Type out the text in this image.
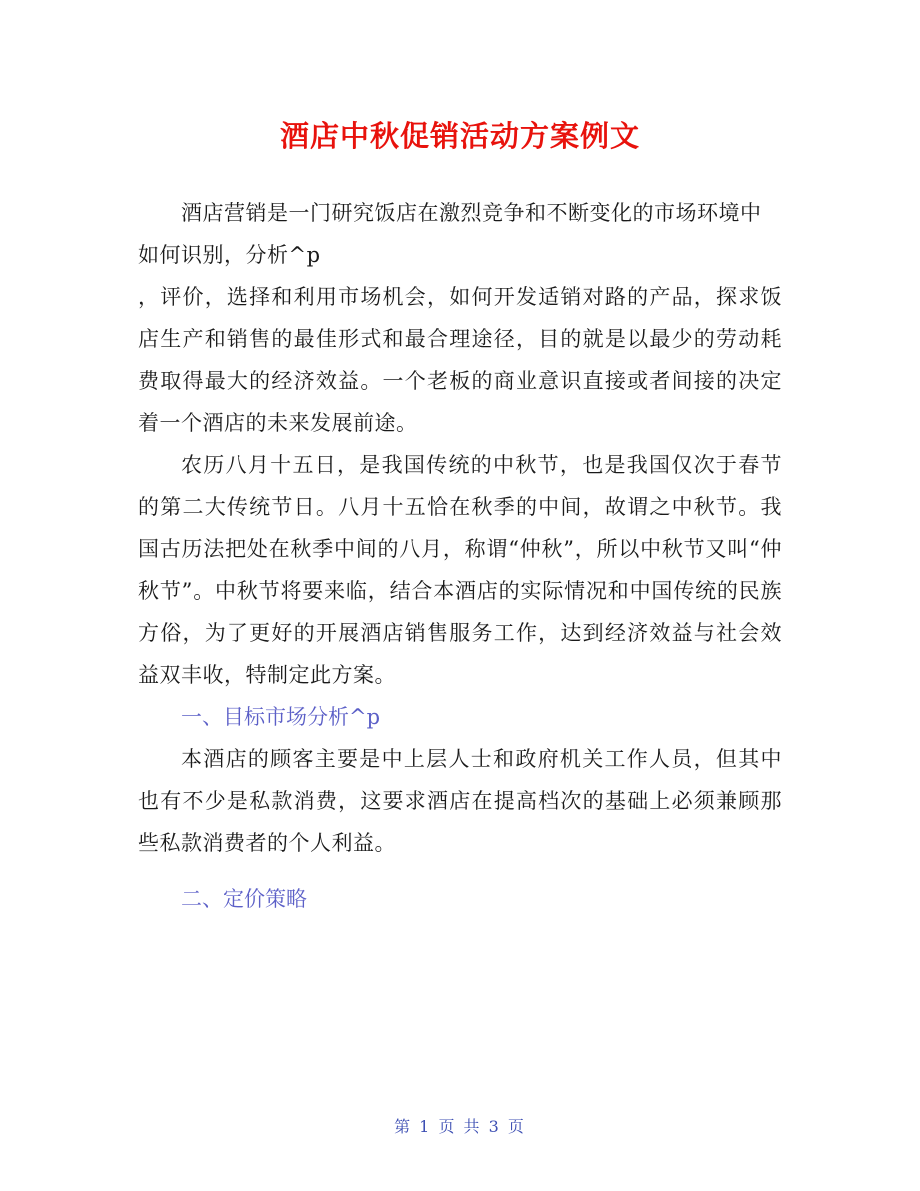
酒店中秋促销活动方案例文

酒店营销是一门研究饭店在激烈竞争和不断变化的市场环境中如何识别，分析^p

，评价，选择和利用市场机会，如何开发适销对路的产品，探求饭店生产和销售的最佳形式和最合理途径，目的就是以最少的劳动耗费取得最大的经济效益。一个老板的商业意识直接或者间接的决定着一个酒店的未来发展前途。

农历八月十五日，是我国传统的中秋节，也是我国仅次于春节的第二大传统节日。八月十五恰在秋季的中间，故谓之中秋节。我国古历法把处在秋季中间的八月，称谓“仲秋”，所以中秋节又叫“仲秋节”。中秋节将要来临，结合本酒店的实际情况和中国传统的民族方俗，为了更好的开展酒店销售服务工作，达到经济效益与社会效益双丰收，特制定此方案。

一、目标市场分析^p

本酒店的顾客主要是中上层人士和政府机关工作人员，但其中也有不少是私款消费，这要求酒店在提高档次的基础上必须兼顾那些私款消费者的个人利益。

二、定价策略

第 1 页 共 3 页
